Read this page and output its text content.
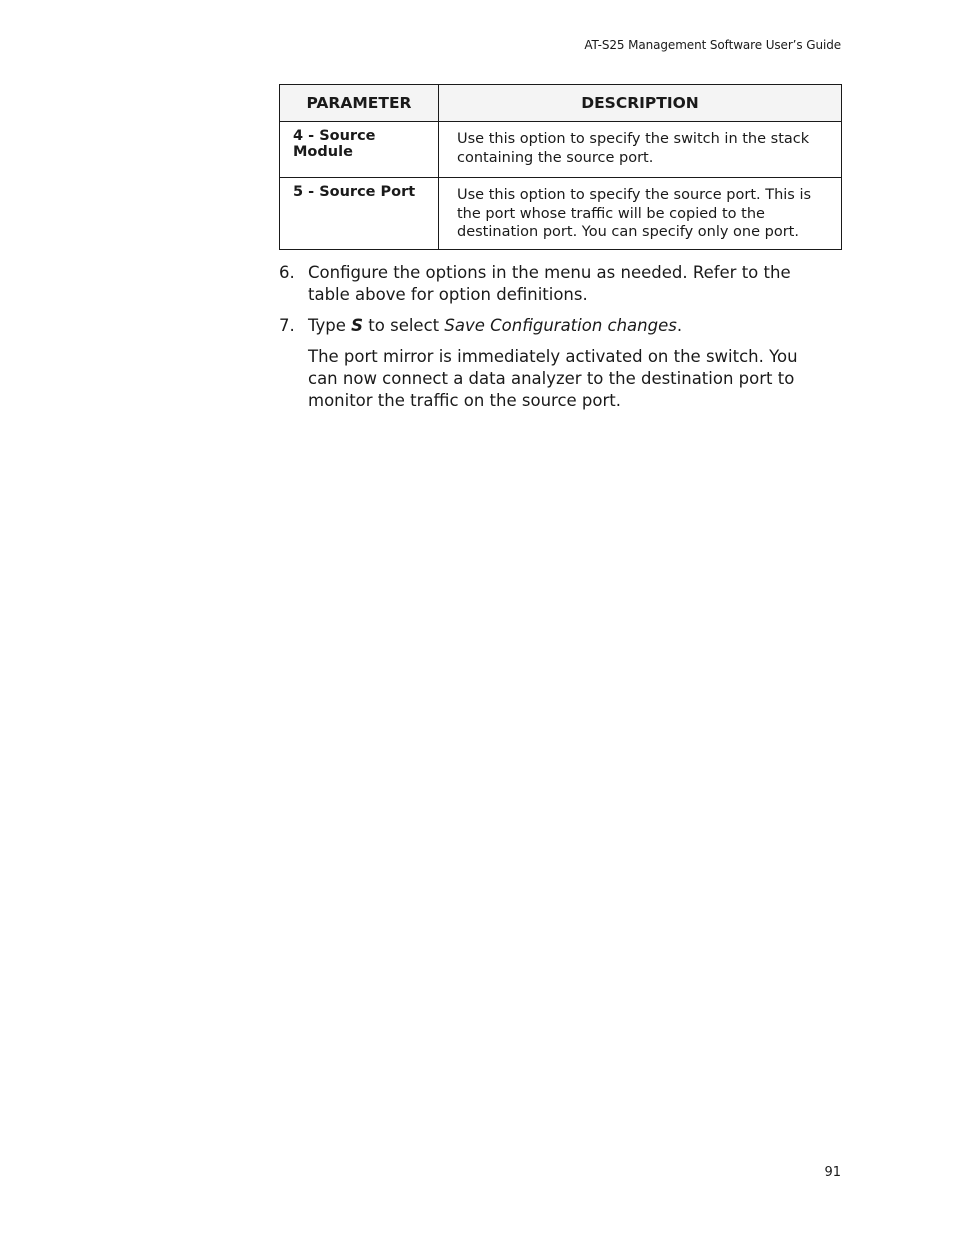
AT-S25 Management Software User’s Guide
PARAMETER	DESCRIPTION
4 - Source Module	Use this option to specify the switch in the stack containing the source port.
5 - Source Port	Use this option to specify the source port. This is the port whose traffic will be copied to the destination port. You can specify only one port.
6. Configure the options in the menu as needed. Refer to the table above for option definitions.
7. Type S to select Save Configuration changes.
The port mirror is immediately activated on the switch. You can now connect a data analyzer to the destination port to monitor the traffic on the source port.
91
